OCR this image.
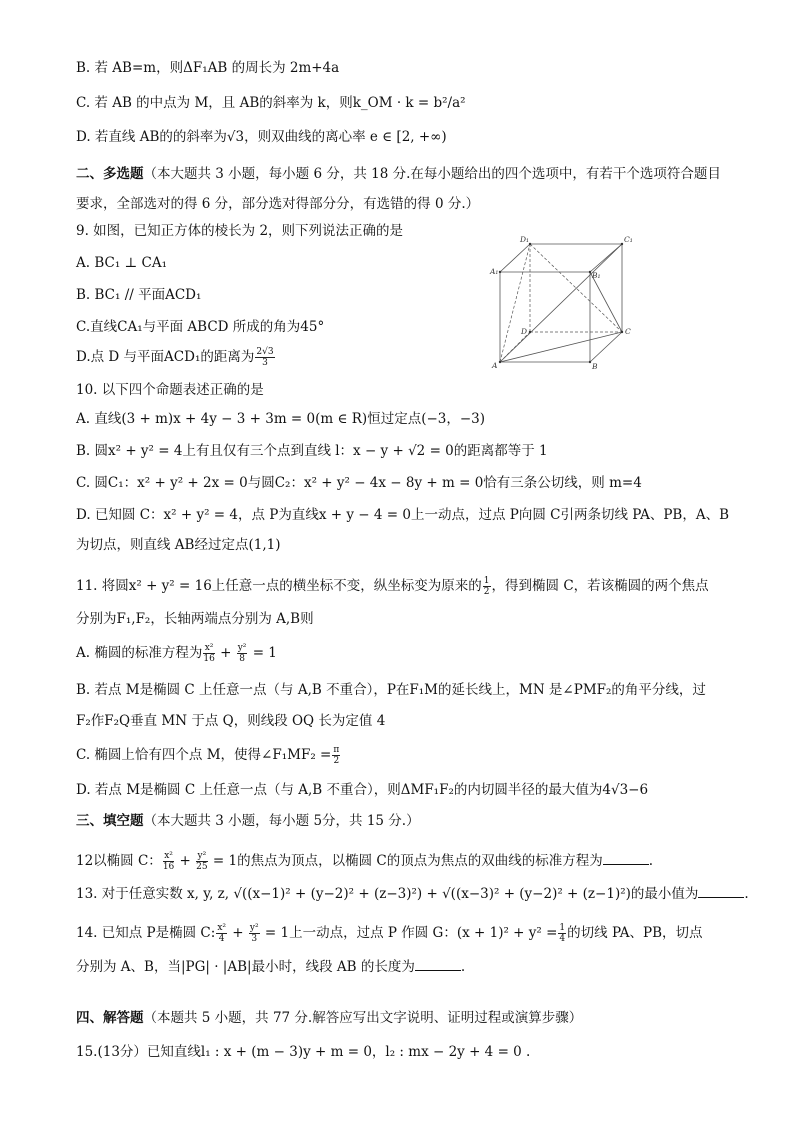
B. 若 AB=m，则ΔF₁AB 的周长为 2m+4a
C. 若 AB 的中点为 M，且 AB的斜率为 k，则k_OM · k = b²/a²
D. 若直线 AB的的斜率为√3，则双曲线的离心率 e ∈ [2, +∞)
二、多选题（本大题共 3 小题，每小题 6 分，共 18 分.在每小题给出的四个选项中，有若干个选项符合题目要求，全部选对的得 6 分，部分选对得部分分，有选错的得 0 分.）
9. 如图，已知正方体的棱长为 2，则下列说法正确的是
A. BC₁ ⊥ CA₁
B. BC₁ // 平面ACD₁
C.直线CA₁与平面 ABCD 所成的角为45°
D.点 D 与平面ACD₁的距离为 $\frac{2√3}{3}$
D₁	C₁
A₁	B₁
D	C
A	B
10. 以下四个命题表述正确的是
A. 直线(3 + m)x + 4y − 3 + 3m = 0(m ∈ R)恒过定点(−3，−3)
B. 圆x² + y² = 4上有且仅有三个点到直线 l：x − y + √2 = 0的距离都等于 1
C. 圆C₁：x² + y² + 2x = 0与圆C₂：x² + y² − 4x − 8y + m = 0恰有三条公切线，则 m=4
D. 已知圆 C：x² + y² = 4，点 P为直线x + y − 4 = 0上一动点，过点 P向圆 C引两条切线 PA、PB，A、B
为切点，则直线 AB经过定点(1,1)
11. 将圆x² + y² = 16上任意一点的横坐标不变，纵坐标变为原来的 $\frac{1}{2}$ ，得到椭圆 C，若该椭圆的两个焦点
分别为F₁,F₂，长轴两端点分别为 A,B则
A. 椭圆的标准方程为 $\frac{\text{x²}}{16} + \frac{\text{y²}}{8} = 1$
B. 若点 M是椭圆 C 上任意一点（与 A,B 不重合），P在F₁M的延长线上，MN 是∠PMF₂的角平分线，过
F₂作F₂Q垂直 MN 于点 Q，则线段 OQ 长为定值 4
C. 椭圆上恰有四个点 M，使得∠F₁MF₂ = $\frac{\pi}{2}$
D. 若点 M是椭圆 C 上任意一点（与 A,B 不重合），则ΔMF₁F₂的内切圆半径的最大值为4√3−6
三、填空题（本大题共 3 小题，每小题 5分，共 15 分.）
12以椭圆 C： $\frac{\text{x²}}{16} + \frac{\text{y²}}{25} = 1$的焦点为顶点，以椭圆 C的顶点为焦点的双曲线的标准方程为	.
13. 对于任意实数 x, y, z, √((x−1)² + (y−2)² + (z−3)²) + √((x−3)² + (y−2)² + (z−1)²)的最小值为	.
14. 已知点 P是椭圆 C: $\frac{\text{x²}}{4} + \frac{\text{y²}}{3} = 1$上一动点，过点 P 作圆 G：$(x + 1)^2 + y^2 = \frac{1}{4}$ 的切线 PA、PB，切点
分别为 A、B，当|PG| · |AB|最小时，线段 AB 的长度为	.
四、解答题（本题共 5 小题，共 77 分.解答应写出文字说明、证明过程或演算步骤）
15.(13分）已知直线l₁ : x + (m − 3)y + m = 0，l₂ : mx − 2y + 4 = 0 .
